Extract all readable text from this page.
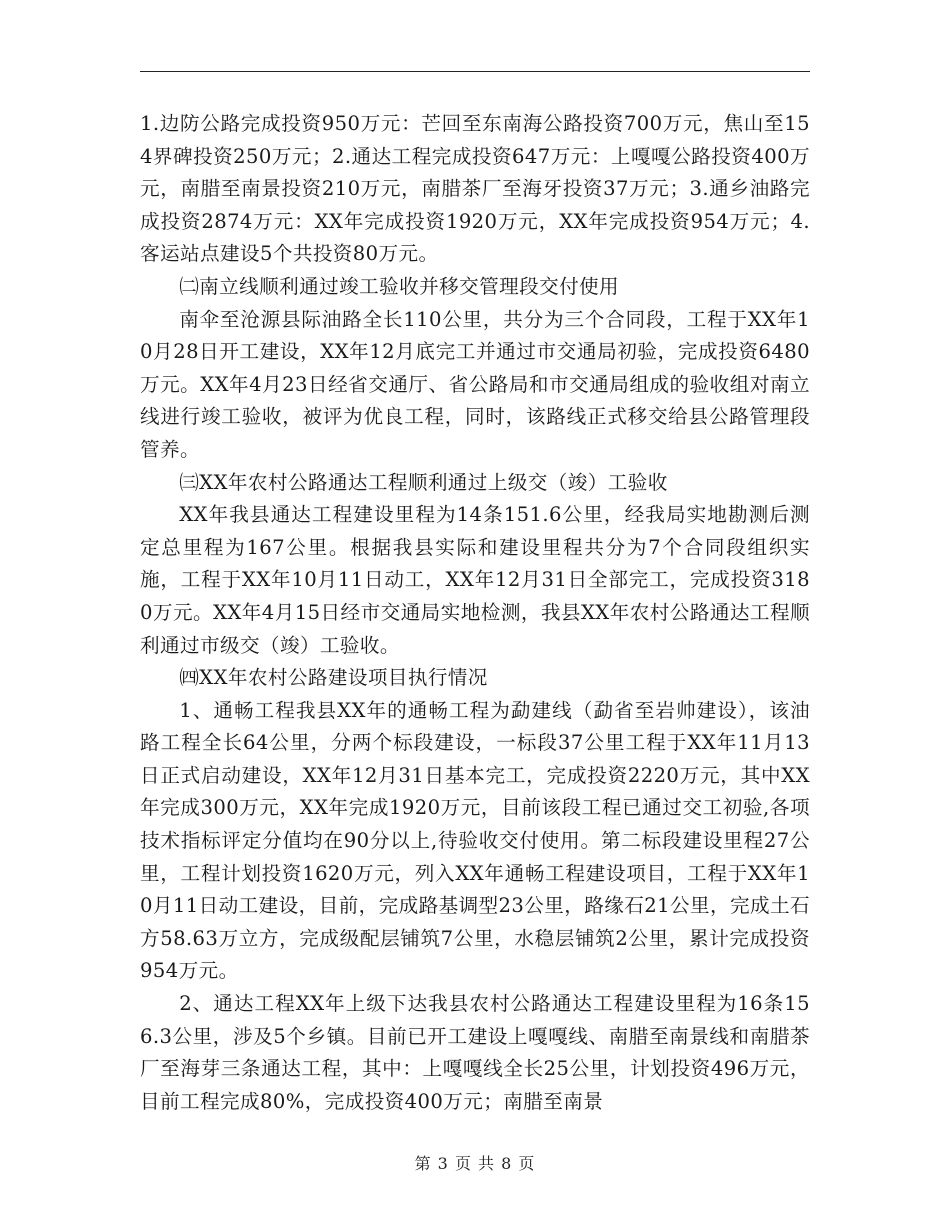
1.边防公路完成投资950万元：芒回至东南海公路投资700万元，焦山至154界碑投资250万元；2.通达工程完成投资647万元：上嘎嘎公路投资400万元，南腊至南景投资210万元，南腊茶厂至海牙投资37万元；3.通乡油路完成投资2874万元：XX年完成投资1920万元，XX年完成投资954万元；4.客运站点建设5个共投资80万元。

㈡南立线顺利通过竣工验收并移交管理段交付使用

南伞至沧源县际油路全长110公里，共分为三个合同段，工程于XX年10月28日开工建设，XX年12月底完工并通过市交通局初验，完成投资6480万元。XX年4月23日经省交通厅、省公路局和市交通局组成的验收组对南立线进行竣工验收，被评为优良工程，同时，该路线正式移交给县公路管理段管养。

㈢XX年农村公路通达工程顺利通过上级交（竣）工验收

XX年我县通达工程建设里程为14条151.6公里，经我局实地勘测后测定总里程为167公里。根据我县实际和建设里程共分为7个合同段组织实施，工程于XX年10月11日动工，XX年12月31日全部完工，完成投资3180万元。XX年4月15日经市交通局实地检测，我县XX年农村公路通达工程顺利通过市级交（竣）工验收。

㈣XX年农村公路建设项目执行情况

1、通畅工程我县XX年的通畅工程为勐建线（勐省至岩帅建设），该油路工程全长64公里，分两个标段建设，一标段37公里工程于XX年11月13日正式启动建设，XX年12月31日基本完工，完成投资2220万元，其中XX年完成300万元，XX年完成1920万元，目前该段工程已通过交工初验,各项技术指标评定分值均在90分以上,待验收交付使用。第二标段建设里程27公里，工程计划投资1620万元，列入XX年通畅工程建设项目，工程于XX年10月11日动工建设，目前，完成路基调型23公里，路缘石21公里，完成土石方58.63万立方，完成级配层铺筑7公里，水稳层铺筑2公里，累计完成投资954万元。

2、通达工程XX年上级下达我县农村公路通达工程建设里程为16条156.3公里，涉及5个乡镇。目前已开工建设上嘎嘎线、南腊至南景线和南腊茶厂至海芽三条通达工程，其中：上嘎嘎线全长25公里，计划投资496万元，目前工程完成80%，完成投资400万元；南腊至南景

第 3 页 共 8 页
